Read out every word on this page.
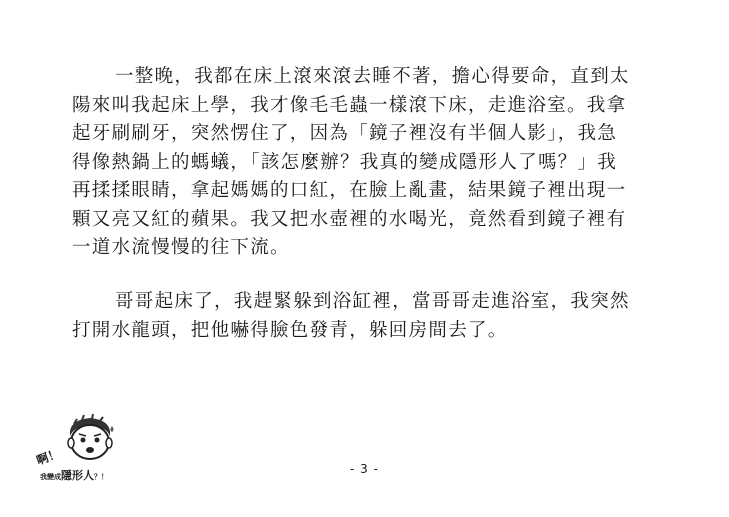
一整晚，我都在床上滾來滾去睡不著，擔心得要命，直到太
陽來叫我起床上學，我才像毛毛蟲一樣滾下床，走進浴室。我拿
起牙刷刷牙，突然愣住了，因為「鏡子裡沒有半個人影」，我急
得像熱鍋上的螞蟻，「該怎麼辦？我真的變成隱形人了嗎？」我
再揉揉眼睛，拿起媽媽的口紅，在臉上亂畫，結果鏡子裡出現一
顆又亮又紅的蘋果。我又把水壺裡的水喝光，竟然看到鏡子裡有
一道水流慢慢的往下流。
哥哥起床了，我趕緊躲到浴缸裡，當哥哥走進浴室，我突然
打開水龍頭，把他嚇得臉色發青，躲回房間去了。
啊！
我變成隱形人？！
- 3 -
